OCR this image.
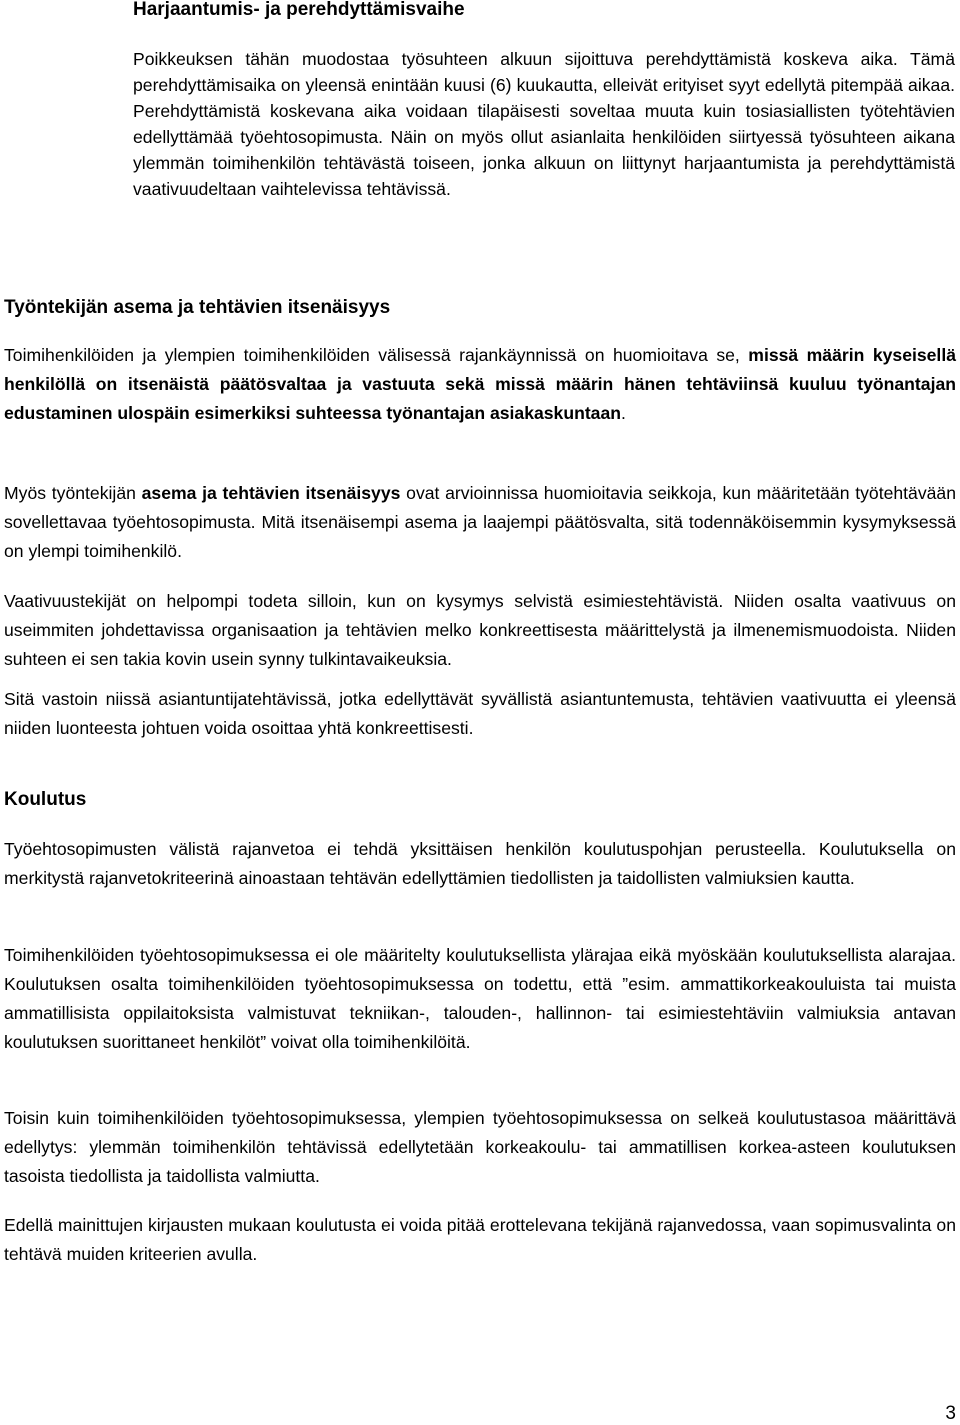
Harjaantumis- ja perehdyttämisvaihe

Poikkeuksen tähän muodostaa työsuhteen alkuun sijoittuva perehdyttämistä koskeva aika. Tämä perehdyttämisaika on yleensä enintään kuusi (6) kuukautta, elleivät erityiset syyt edellytä pitempää aikaa. Perehdyttämistä koskevana aika voidaan tilapäisesti soveltaa muuta kuin tosiasiallisten työtehtävien edellyttämää työehtosopimusta. Näin on myös ollut asianlaita henkilöiden siirtyessä työsuhteen aikana ylemmän toimihenkilön tehtävästä toiseen, jonka alkuun on liittynyt harjaantumista ja perehdyttämistä vaativuudeltaan vaihtelevissa tehtävissä.

Työntekijän asema ja tehtävien itsenäisyys

Toimihenkilöiden ja ylempien toimihenkilöiden välisessä rajankäynnissä on huomioitava se, missä määrin kyseisellä henkilöllä on itsenäistä päätösvaltaa ja vastuuta sekä missä määrin hänen tehtäviinsä kuuluu työnantajan edustaminen ulospäin esimerkiksi suhteessa työnantajan asiakaskuntaan.

Myös työntekijän asema ja tehtävien itsenäisyys ovat arvioinnissa huomioitavia seikkoja, kun määritetään työtehtävään sovellettavaa työehtosopimusta. Mitä itsenäisempi asema ja laajempi päätösvalta, sitä todennäköisemmin kysymyksessä on ylempi toimihenkilö.

Vaativuustekijät on helpompi todeta silloin, kun on kysymys selvistä esimiestehtävistä. Niiden osalta vaativuus on useimmiten johdettavissa organisaation ja tehtävien melko konkreettisesta määrittelystä ja ilmenemismuodoista. Niiden suhteen ei sen takia kovin usein synny tulkintavaikeuksia.

Sitä vastoin niissä asiantuntijatehtävissä, jotka edellyttävät syvällistä asiantuntemusta, tehtävien vaativuutta ei yleensä niiden luonteesta johtuen voida osoittaa yhtä konkreettisesti.

Koulutus

Työehtosopimusten välistä rajanvetoa ei tehdä yksittäisen henkilön koulutuspohjan perusteella. Koulutuksella on merkitystä rajanvetokriteerinä ainoastaan tehtävän edellyttämien tiedollisten ja taidollisten valmiuksien kautta.

Toimihenkilöiden työehtosopimuksessa ei ole määritelty koulutuksellista ylärajaa eikä myöskään koulutuksellista alarajaa. Koulutuksen osalta toimihenkilöiden työehtosopimuksessa on todettu, että ”esim. ammattikorkeakouluista tai muista ammatillisista oppilaitoksista valmistuvat tekniikan-, talouden-, hallinnon- tai esimiestehtäviin valmiuksia antavan koulutuksen suorittaneet henkilöt” voivat olla toimihenkilöitä.

Toisin kuin toimihenkilöiden työehtosopimuksessa, ylempien työehtosopimuksessa on selkeä koulutustasoa määrittävä edellytys: ylemmän toimihenkilön tehtävissä edellytetään korkeakoulu- tai ammatillisen korkea-asteen koulutuksen tasoista tiedollista ja taidollista valmiutta.

Edellä mainittujen kirjausten mukaan koulutusta ei voida pitää erottelevana tekijänä rajanvedossa, vaan sopimusvalinta on tehtävä muiden kriteerien avulla.

3
